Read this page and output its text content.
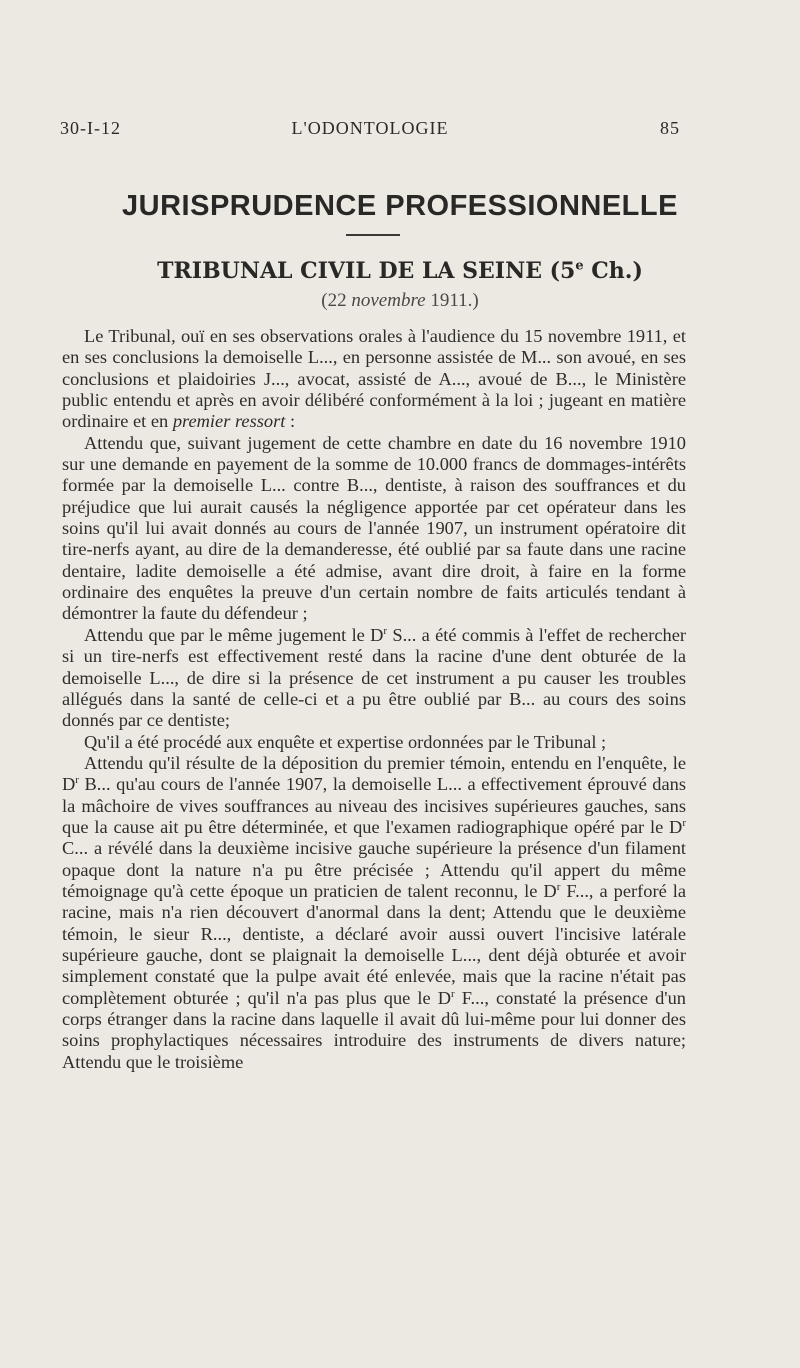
30-I-12	L'ODONTOLOGIE	85
JURISPRUDENCE PROFESSIONNELLE
TRIBUNAL CIVIL DE LA SEINE (5e Ch.)
(22 novembre 1911.)

Le Tribunal, ouï en ses observations orales à l'audience du 15 novembre 1911, et en ses conclusions la demoiselle L..., en personne assistée de M... son avoué, en ses conclusions et plaidoiries J..., avocat, assisté de A..., avoué de B..., le Ministère public entendu et après en avoir délibéré conformément à la loi ; jugeant en matière ordinaire et en premier ressort :

Attendu que, suivant jugement de cette chambre en date du 16 novembre 1910 sur une demande en payement de la somme de 10.000 francs de dommages-intérêts formée par la demoiselle L... contre B..., dentiste, à raison des souffrances et du préjudice que lui aurait causés la négligence apportée par cet opérateur dans les soins qu'il lui avait donnés au cours de l'année 1907, un instrument opératoire dit tire-nerfs ayant, au dire de la demanderesse, été oublié par sa faute dans une racine dentaire, ladite demoiselle a été admise, avant dire droit, à faire en la forme ordinaire des enquêtes la preuve d'un certain nombre de faits articulés tendant à démontrer la faute du défendeur ;

Attendu que par le même jugement le $D^r$ S... a été commis à l'effet de rechercher si un tire-nerfs est effectivement resté dans la racine d'une dent obturée de la demoiselle L..., de dire si la présence de cet instrument a pu causer les troubles allégués dans la santé de celle-ci et a pu être oublié par B... au cours des soins donnés par ce dentiste;

Qu'il a été procédé aux enquête et expertise ordonnées par le Tribunal ;

Attendu qu'il résulte de la déposition du premier témoin, entendu en l'enquête, le $D^r$ B... qu'au cours de l'année 1907, la demoiselle L... a effectivement éprouvé dans la mâchoire de vives souffrances au niveau des incisives supérieures gauches, sans que la cause ait pu être déterminée, et que l'examen radiographique opéré par le $D^r$ C... a révélé dans la deuxième incisive gauche supérieure la présence d'un filament opaque dont la nature n'a pu être précisée ; Attendu qu'il appert du même témoignage qu'à cette époque un praticien de talent reconnu, le $D^r$ F..., a perforé la racine, mais n'a rien découvert d'anormal dans la dent; Attendu que le deuxième témoin, le sieur R..., dentiste, a déclaré avoir aussi ouvert l'incisive latérale supérieure gauche, dont se plaignait la demoiselle L..., dent déjà obturée et avoir simplement constaté que la pulpe avait été enlevée, mais que la racine n'était pas complètement obturée ; qu'il n'a pas plus que le $D^r$ F..., constaté la présence d'un corps étranger dans la racine dans laquelle il avait dû lui-même pour lui donner des soins prophylactiques nécessaires introduire des instruments de divers nature; Attendu que le troisième
